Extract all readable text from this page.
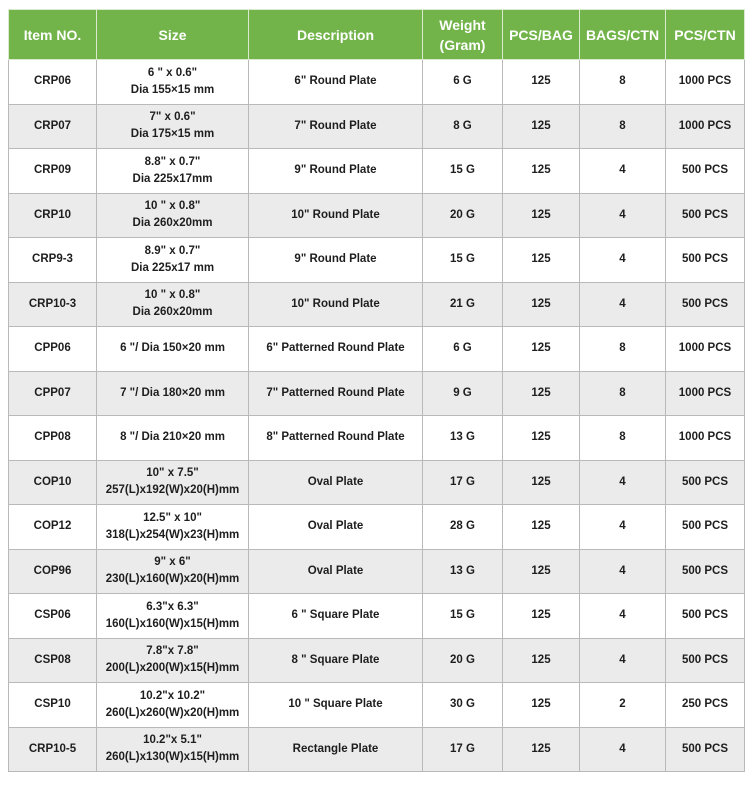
Item NO.	Size	Description	Weight
(Gram)	PCS/BAG	BAGS/CTN	PCS/CTN

CRP06	6 " x 0.6"
Dia 155×15 mm	6" Round Plate	6 G	125	8	1000 PCS
CRP07	7" x 0.6"
Dia 175×15 mm	7" Round Plate	8 G	125	8	1000 PCS
CRP09	8.8" x 0.7"
Dia 225x17mm	9" Round Plate	15 G	125	4	500 PCS
CRP10	10 " x 0.8"
Dia 260x20mm	10" Round Plate	20 G	125	4	500 PCS
CRP9-3	8.9" x 0.7"
Dia 225x17 mm	9" Round Plate	15 G	125	4	500 PCS
CRP10-3	10 " x 0.8"
Dia 260x20mm	10" Round Plate	21 G	125	4	500 PCS
CPP06	6 "/ Dia 150×20 mm	6" Patterned Round Plate	6 G	125	8	1000 PCS
CPP07	7 "/ Dia 180×20 mm	7" Patterned Round Plate	9 G	125	8	1000 PCS
CPP08	8 "/ Dia 210×20 mm	8" Patterned Round Plate	13 G	125	8	1000 PCS
COP10	10" x 7.5"
257(L)x192(W)x20(H)mm	Oval Plate	17 G	125	4	500 PCS
COP12	12.5" x 10"
318(L)x254(W)x23(H)mm	Oval Plate	28 G	125	4	500 PCS
COP96	9" x 6"
230(L)x160(W)x20(H)mm	Oval Plate	13 G	125	4	500 PCS
CSP06	6.3"x 6.3"
160(L)x160(W)x15(H)mm	6 " Square Plate	15 G	125	4	500 PCS
CSP08	7.8"x 7.8"
200(L)x200(W)x15(H)mm	8 " Square Plate	20 G	125	4	500 PCS
CSP10	10.2"x 10.2"
260(L)x260(W)x20(H)mm	10 " Square Plate	30 G	125	2	250 PCS
CRP10-5	10.2"x 5.1"
260(L)x130(W)x15(H)mm	Rectangle Plate	17 G	125	4	500 PCS
